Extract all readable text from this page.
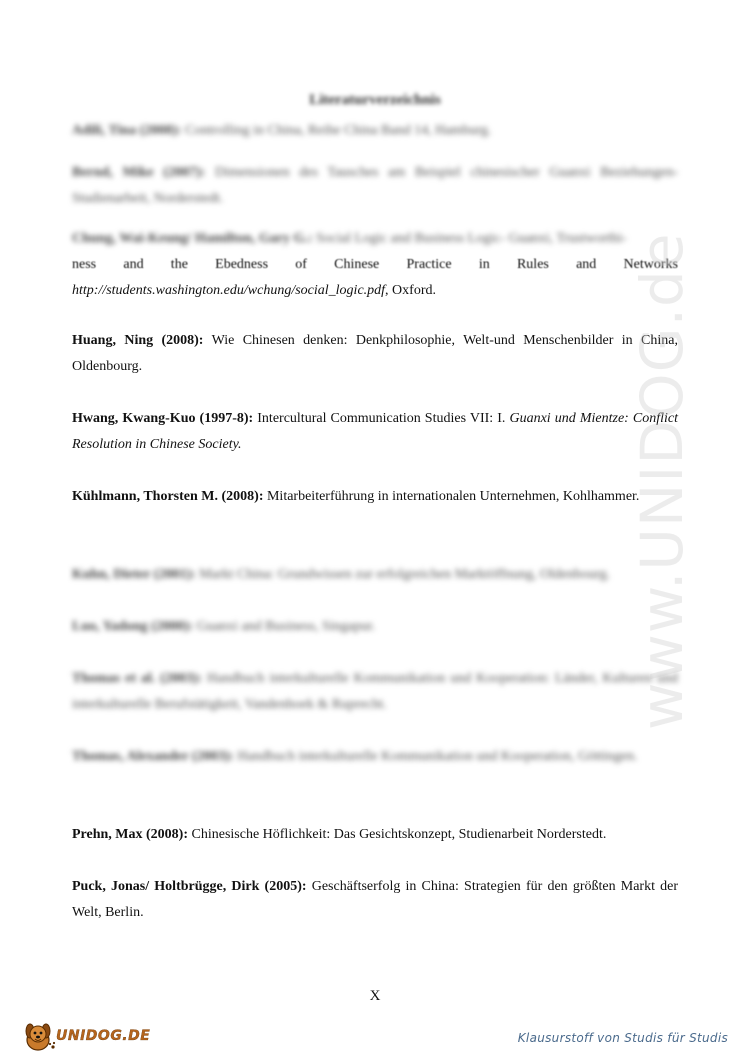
Literaturverzeichnis
Adili, Tina (2008): Controlling in China, Reihe China Band 14, Hamburg.
Bernd, Mike (2007): Dimensionen des Tausches am Beispiel chinesischer Guanxi Beziehungen- Studienarbeit, Norderstedt.
Chung, Wai-Keung/ Hamilton, Gary G.: Social Logic and Business Logic- Guanxi, Trustworthi-
ness and the Ebedness of Chinese Practice in Rules and Networks
http://students.washington.edu/wchung/social_logic.pdf, Oxford.
Huang, Ning (2008): Wie Chinesen denken: Denkphilosophie, Welt-und Menschenbilder in China, Oldenbourg.
Hwang, Kwang-Kuo (1997-8): Intercultural Communication Studies VII: I. Guanxi und Mientze: Conflict Resolution in Chinese Society.
Kühlmann, Thorsten M. (2008): Mitarbeiterführung in internationalen Unternehmen, Kohlhammer.
Kuhn, Dieter (2001): Markt China: Grundwissen zur erfolgreichen Marktöffnung, Oldenbourg.
Luo, Yadong (2000): Guanxi and Business, Singapur.
Thomas et al. (2003): Handbuch interkulturelle Kommunikation und Kooperation: Länder, Kulturen und interkulturelle Berufstätigkeit, Vandenhoek & Ruprecht.
Thomas, Alexander (2003): Handbuch interkulturelle Kommunikation und Kooperation, Göttingen.
Prehn, Max (2008): Chinesische Höflichkeit: Das Gesichtskonzept, Studienarbeit Norderstedt.
Puck, Jonas/ Holtbrügge, Dirk (2005): Geschäftserfolg in China: Strategien für den größten Markt der Welt, Berlin.
www.UNIDOG.de
X
UNIDOG.DE	Klausurstoff von Studis für Studis
